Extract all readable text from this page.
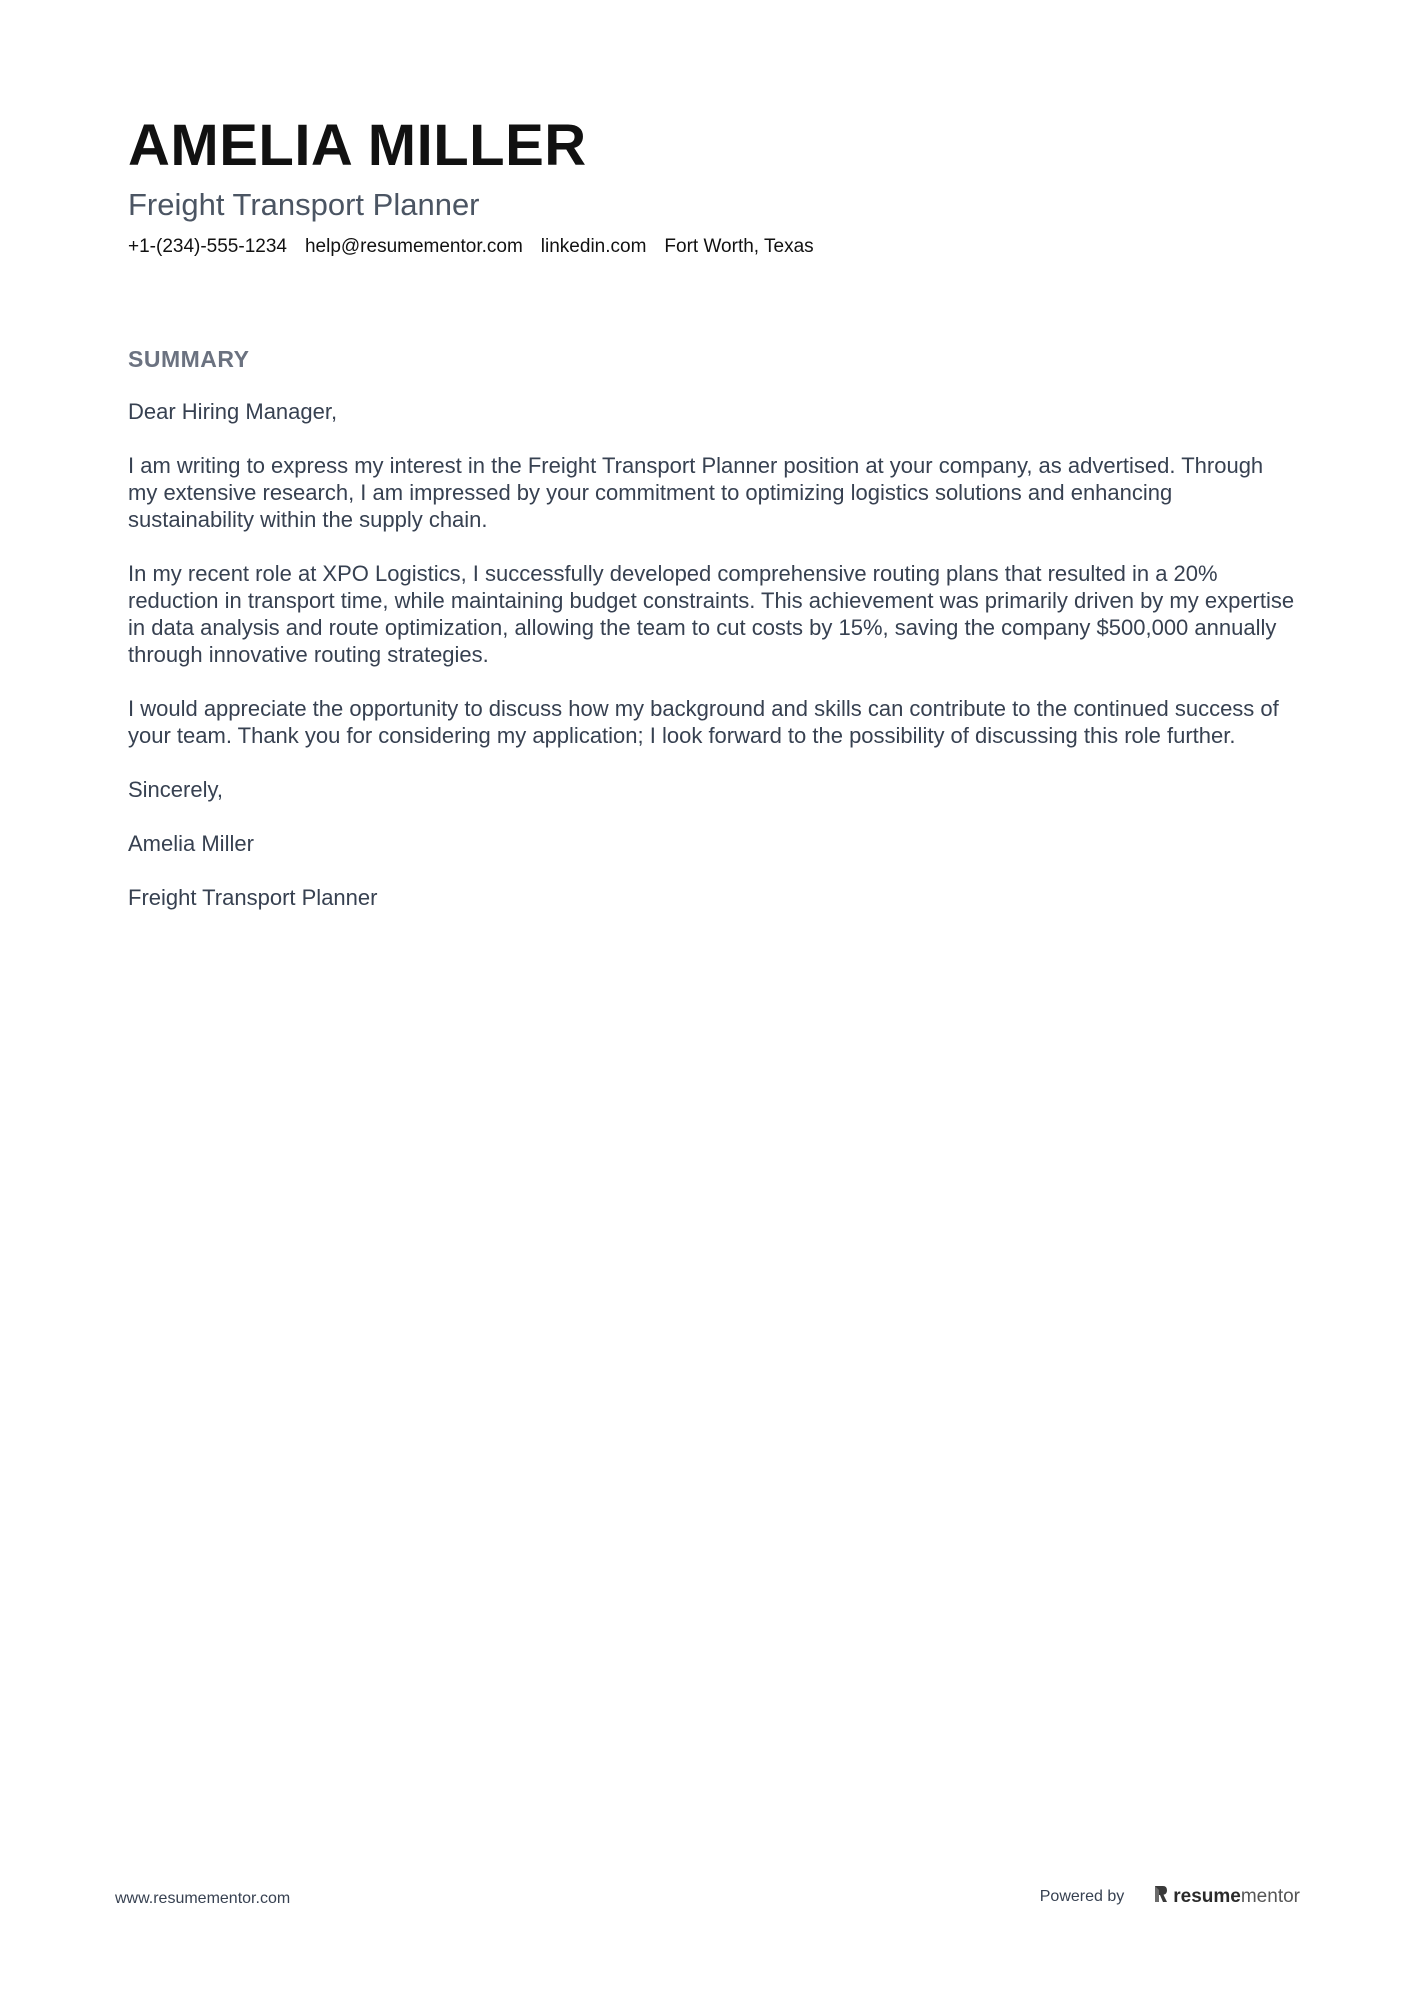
AMELIA MILLER
Freight Transport Planner
+1-(234)-555-1234 help@resumementor.com linkedin.com Fort Worth, Texas
SUMMARY

Dear Hiring Manager,

I am writing to express my interest in the Freight Transport Planner position at your company, as advertised. Through my extensive research, I am impressed by your commitment to optimizing logistics solutions and enhancing sustainability within the supply chain.

In my recent role at XPO Logistics, I successfully developed comprehensive routing plans that resulted in a 20% reduction in transport time, while maintaining budget constraints. This achievement was primarily driven by my expertise in data analysis and route optimization, allowing the team to cut costs by 15%, saving the company $500,000 annually through innovative routing strategies.

I would appreciate the opportunity to discuss how my background and skills can contribute to the continued success of your team. Thank you for considering my application; I look forward to the possibility of discussing this role further.

Sincerely,

Amelia Miller

Freight Transport Planner

www.resumementor.com	Powered by	resumementor
